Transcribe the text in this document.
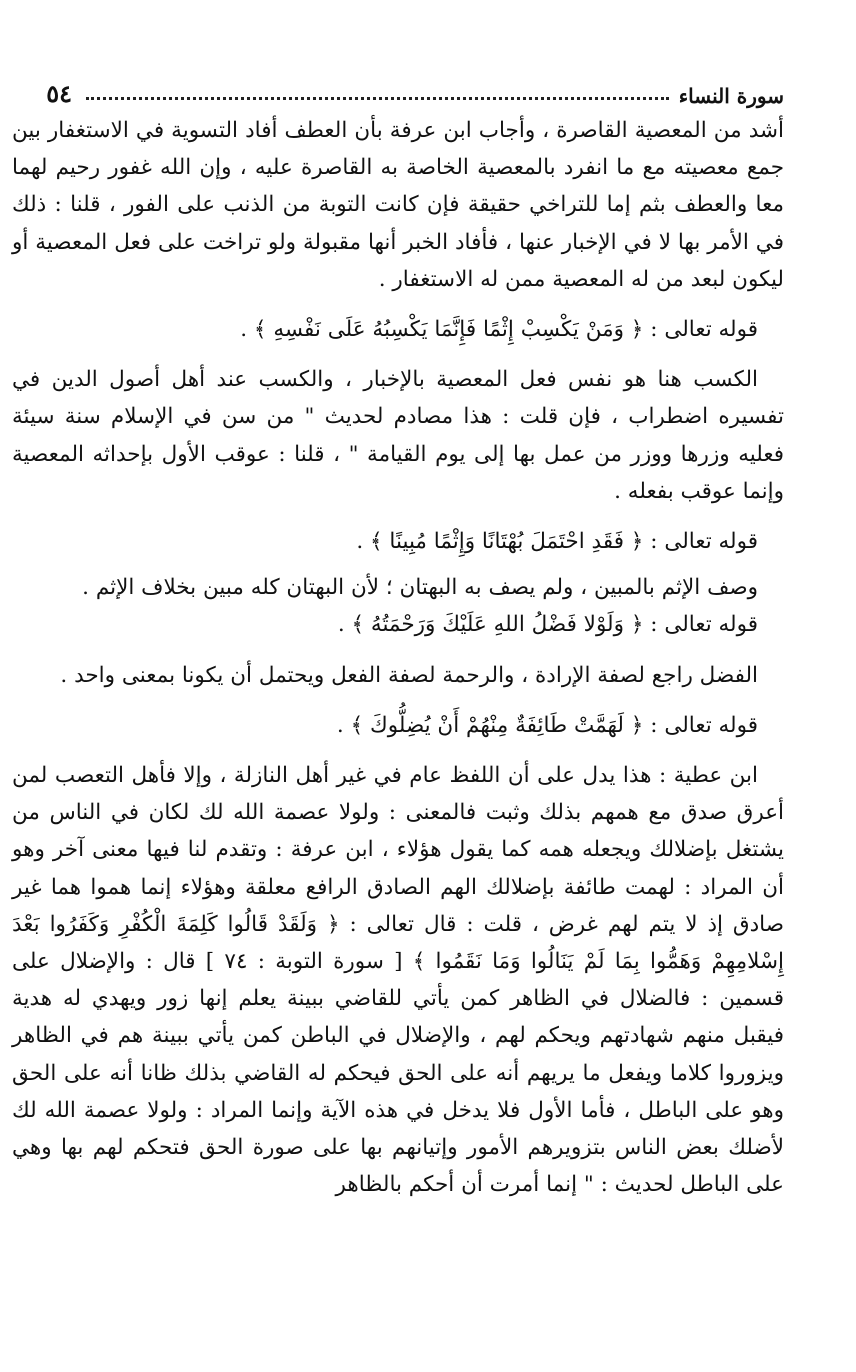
سورة النساء
٥٤

أشد من المعصية القاصرة ، وأجاب ابن عرفة بأن العطف أفاد التسوية في الاستغفار بين جمع معصيته مع ما انفرد بالمعصية الخاصة به القاصرة عليه ، وإن الله غفور رحيم لهما معا والعطف بثم إما للتراخي حقيقة فإن كانت التوبة من الذنب على الفور ، قلنا : ذلك في الأمر بها لا في الإخبار عنها ، فأفاد الخبر أنها مقبولة ولو تراخت على فعل المعصية أو ليكون لبعد من له المعصية ممن له الاستغفار .

قوله تعالى : ﴿ وَمَنْ يَكْسِبْ إِثْمًا فَإِنَّمَا يَكْسِبُهُ عَلَى نَفْسِهِ ﴾ .

الكسب هنا هو نفس فعل المعصية بالإخبار ، والكسب عند أهل أصول الدين في تفسيره اضطراب ، فإن قلت : هذا مصادم لحديث " من سن في الإسلام سنة سيئة فعليه وزرها ووزر من عمل بها إلى يوم القيامة " ، قلنا : عوقب الأول بإحداثه المعصية وإنما عوقب بفعله .

قوله تعالى : ﴿ فَقَدِ احْتَمَلَ بُهْتَانًا وَإِثْمًا مُبِينًا ﴾ .

وصف الإثم بالمبين ، ولم يصف به البهتان ؛ لأن البهتان كله مبين بخلاف الإثم .

قوله تعالى : ﴿ وَلَوْلا فَضْلُ اللهِ عَلَيْكَ وَرَحْمَتُهُ ﴾ .

الفضل راجع لصفة الإرادة ، والرحمة لصفة الفعل ويحتمل أن يكونا بمعنى واحد .

قوله تعالى : ﴿ لَهَمَّتْ طَائِفَةٌ مِنْهُمْ أَنْ يُضِلُّوكَ ﴾ .

ابن عطية : هذا يدل على أن اللفظ عام في غير أهل النازلة ، وإلا فأهل التعصب لمن أعرق صدق مع همهم بذلك وثبت فالمعنى : ولولا عصمة الله لك لكان في الناس من يشتغل بإضلالك ويجعله همه كما يقول هؤلاء ، ابن عرفة : وتقدم لنا فيها معنى آخر وهو أن المراد : لهمت طائفة بإضلالك الهم الصادق الرافع معلقة وهؤلاء إنما هموا هما غير صادق إذ لا يتم لهم غرض ، قلت : قال تعالى : ﴿ وَلَقَدْ قَالُوا كَلِمَةَ الْكُفْرِ وَكَفَرُوا بَعْدَ إِسْلامِهِمْ وَهَمُّوا بِمَا لَمْ يَنَالُوا وَمَا نَقَمُوا ﴾ [ سورة التوبة : ٧٤ ] قال : والإضلال على قسمين : فالضلال في الظاهر كمن يأتي للقاضي ببينة يعلم إنها زور ويهدي له هدية فيقبل منهم شهادتهم ويحكم لهم ، والإضلال في الباطن كمن يأتي ببينة هم في الظاهر ويزوروا كلاما ويفعل ما يريهم أنه على الحق فيحكم له القاضي بذلك ظانا أنه على الحق وهو على الباطل ، فأما الأول فلا يدخل في هذه الآية وإنما المراد : ولولا عصمة الله لك لأضلك بعض الناس بتزويرهم الأمور وإتيانهم بها على صورة الحق فتحكم لهم بها وهي على الباطل لحديث : " إنما أمرت أن أحكم بالظاهر
